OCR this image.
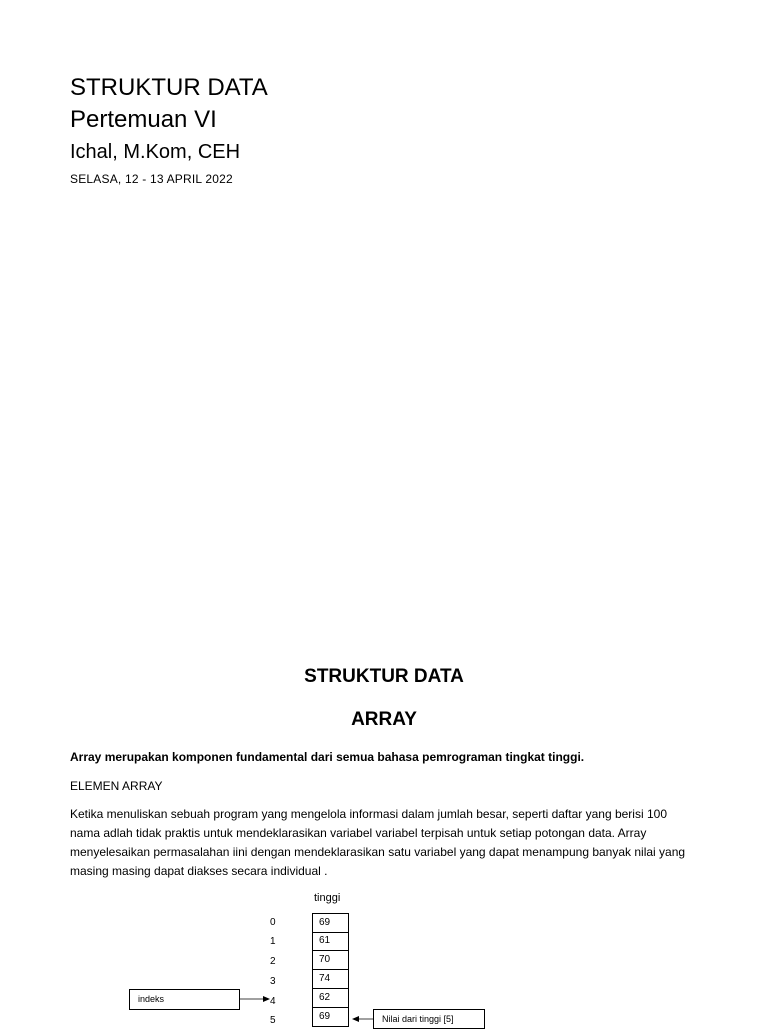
STRUKTUR DATA
Pertemuan VI
Ichal, M.Kom, CEH
SELASA, 12 - 13 APRIL 2022
STRUKTUR DATA
ARRAY
Array merupakan komponen fundamental dari semua bahasa pemrograman tingkat tinggi.
ELEMEN ARRAY
Ketika menuliskan sebuah program yang mengelola informasi dalam jumlah besar, seperti daftar yang berisi 100 nama adlah tidak praktis untuk mendeklarasikan variabel variabel terpisah untuk setiap potongan data. Array menyelesaikan permasalahan iini dengan mendeklarasikan satu variabel yang dapat menampung banyak nilai yang masing masing dapat diakses secara individual .
tinggi
0
1
2
3
4
5
69
61
70
74
62
69
indeks
Nilai dari tinggi [5]
